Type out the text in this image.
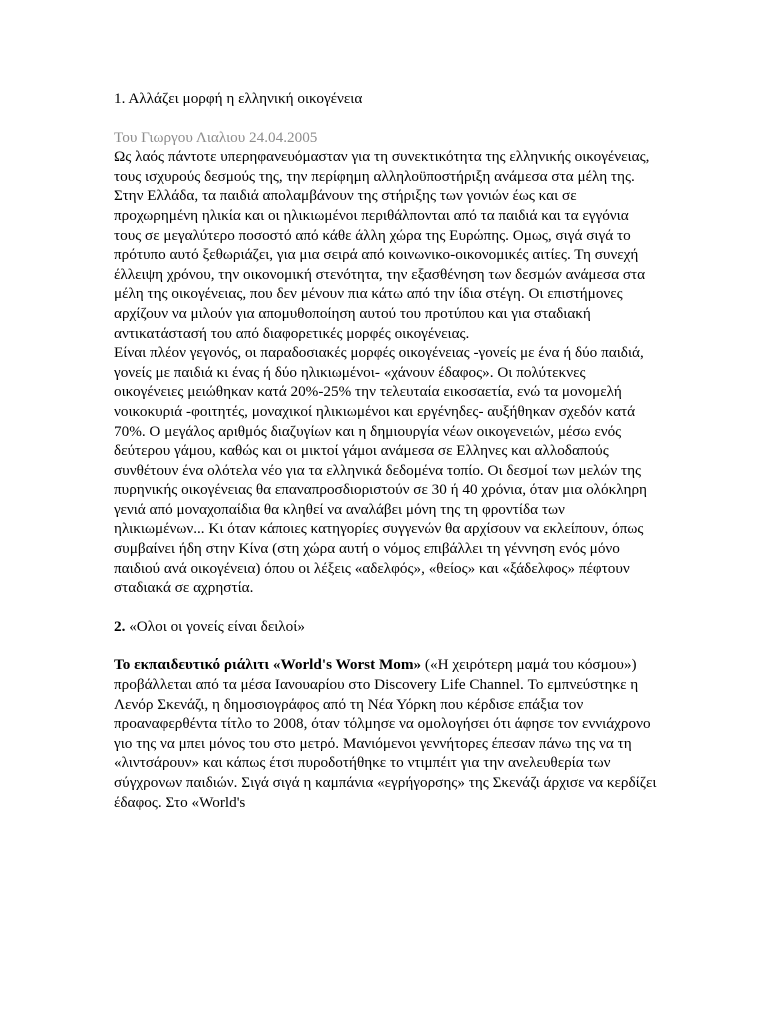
1. Αλλάζει μορφή η ελληνική οικογένεια

Του Γιωργου Λιαλιου 24.04.2005

Ως λαός πάντοτε υπερηφανευόμασταν για τη συνεκτικότητα της ελληνικής οικογένειας, τους ισχυρούς δεσμούς της, την περίφημη αλληλοϋποστήριξη ανάμεσα στα μέλη της. Στην Ελλάδα, τα παιδιά απολαμβάνουν της στήριξης των γονιών έως και σε προχωρημένη ηλικία και οι ηλικιωμένοι περιθάλπονται από τα παιδιά και τα εγγόνια τους σε μεγαλύτερο ποσοστό από κάθε άλλη χώρα της Ευρώπης. Ομως, σιγά σιγά το πρότυπο αυτό ξεθωριάζει, για μια σειρά από κοινωνικο-οικονομικές αιτίες. Τη συνεχή έλλειψη χρόνου, την οικονομική στενότητα, την εξασθένηση των δεσμών ανάμεσα στα μέλη της οικογένειας, που δεν μένουν πια κάτω από την ίδια στέγη. Οι επιστήμονες αρχίζουν να μιλούν για απομυθοποίηση αυτού του προτύπου και για σταδιακή αντικατάστασή του από διαφορετικές μορφές οικογένειας.

Είναι πλέον γεγονός, οι παραδοσιακές μορφές οικογένειας -γονείς με ένα ή δύο παιδιά, γονείς με παιδιά κι ένας ή δύο ηλικιωμένοι- «χάνουν έδαφος». Οι πολύτεκνες οικογένειες μειώθηκαν κατά 20%-25% την τελευταία εικοσαετία, ενώ τα μονομελή νοικοκυριά -φοιτητές, μοναχικοί ηλικιωμένοι και εργένηδες- αυξήθηκαν σχεδόν κατά 70%. Ο μεγάλος αριθμός διαζυγίων και η δημιουργία νέων οικογενειών, μέσω ενός δεύτερου γάμου, καθώς και οι μικτοί γάμοι ανάμεσα σε Ελληνες και αλλοδαπούς συνθέτουν ένα ολότελα νέο για τα ελληνικά δεδομένα τοπίο. Οι δεσμοί των μελών της πυρηνικής οικογένειας θα επαναπροσδιοριστούν σε 30 ή 40 χρόνια, όταν μια ολόκληρη γενιά από μοναχοπαίδια θα κληθεί να αναλάβει μόνη της τη φροντίδα των ηλικιωμένων... Κι όταν κάποιες κατηγορίες συγγενών θα αρχίσουν να εκλείπουν, όπως συμβαίνει ήδη στην Κίνα (στη χώρα αυτή ο νόμος επιβάλλει τη γέννηση ενός μόνο παιδιού ανά οικογένεια) όπου οι λέξεις «αδελφός», «θείος» και «ξάδελφος» πέφτουν σταδιακά σε αχρηστία.

2. «Ολοι οι γονείς είναι δειλοί»

Το εκπαιδευτικό ριάλιτι «World's Worst Mom» («Η χειρότερη μαμά του κόσμου») προβάλλεται από τα μέσα Ιανουαρίου στο Discovery Life Channel. Το εμπνεύστηκε η Λενόρ Σκενάζι, η δημοσιογράφος από τη Νέα Υόρκη που κέρδισε επάξια τον προαναφερθέντα τίτλο το 2008, όταν τόλμησε να ομολογήσει ότι άφησε τον εννιάχρονο γιο της να μπει μόνος του στο μετρό. Μανιόμενοι γεννήτορες έπεσαν πάνω της να τη «λιντσάρουν» και κάπως έτσι πυροδοτήθηκε το ντιμπέιτ για την ανελευθερία των σύγχρονων παιδιών. Σιγά σιγά η καμπάνια «εγρήγορσης» της Σκενάζι άρχισε να κερδίζει έδαφος. Στο «World's
